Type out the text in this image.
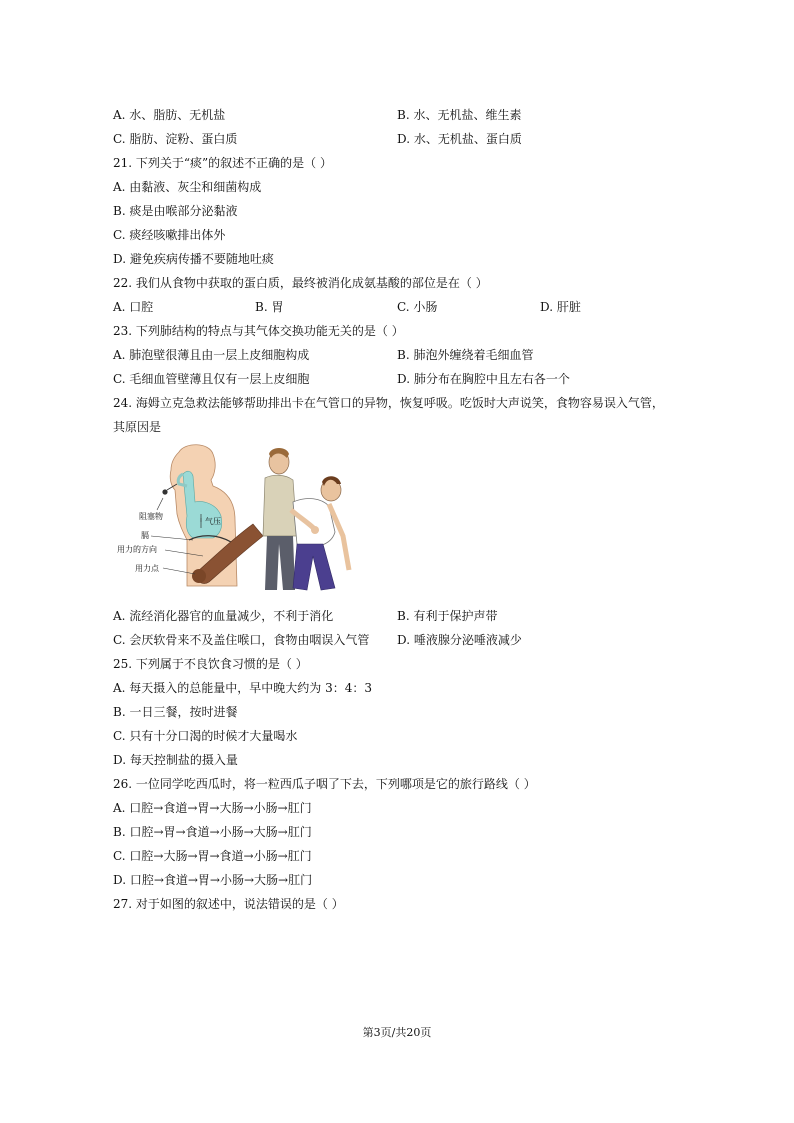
A. 水、脂肪、无机盐	B. 水、无机盐、维生素
C. 脂肪、淀粉、蛋白质	D. 水、无机盐、蛋白质
21. 下列关于“痰”的叙述不正确的是（ ）
A. 由黏液、灰尘和细菌构成
B. 痰是由喉部分泌黏液
C. 痰经咳嗽排出体外
D. 避免疾病传播不要随地吐痰
22. 我们从食物中获取的蛋白质，最终被消化成氨基酸的部位是在（ ）
A. 口腔	B. 胃	C. 小肠	D. 肝脏
23. 下列肺结构的特点与其气体交换功能无关的是（ ）
A. 肺泡壁很薄且由一层上皮细胞构成	B. 肺泡外缠绕着毛细血管
C. 毛细血管壁薄且仅有一层上皮细胞	D. 肺分布在胸腔中且左右各一个
24. 海姆立克急救法能够帮助排出卡在气管口的异物，恢复呼吸。吃饭时大声说笑，食物容易误入气管，
其原因是
阻塞物
气压
膈
用力的方向
用力点
A. 流经消化器官的血量减少，不利于消化	B. 有利于保护声带
C. 会厌软骨来不及盖住喉口，食物由咽误入气管 D. 唾液腺分泌唾液减少
25. 下列属于不良饮食习惯的是（ ）
A. 每天摄入的总能量中，早中晚大约为 3：4：3
B. 一日三餐，按时进餐
C. 只有十分口渴的时候才大量喝水
D. 每天控制盐的摄入量
26. 一位同学吃西瓜时，将一粒西瓜子咽了下去，下列哪项是它的旅行路线（ ）
A. 口腔→食道→胃→大肠→小肠→肛门
B. 口腔→胃→食道→小肠→大肠→肛门
C. 口腔→大肠→胃→食道→小肠→肛门
D. 口腔→食道→胃→小肠→大肠→肛门
27. 对于如图的叙述中，说法错误的是（ ）
第3页/共20页
